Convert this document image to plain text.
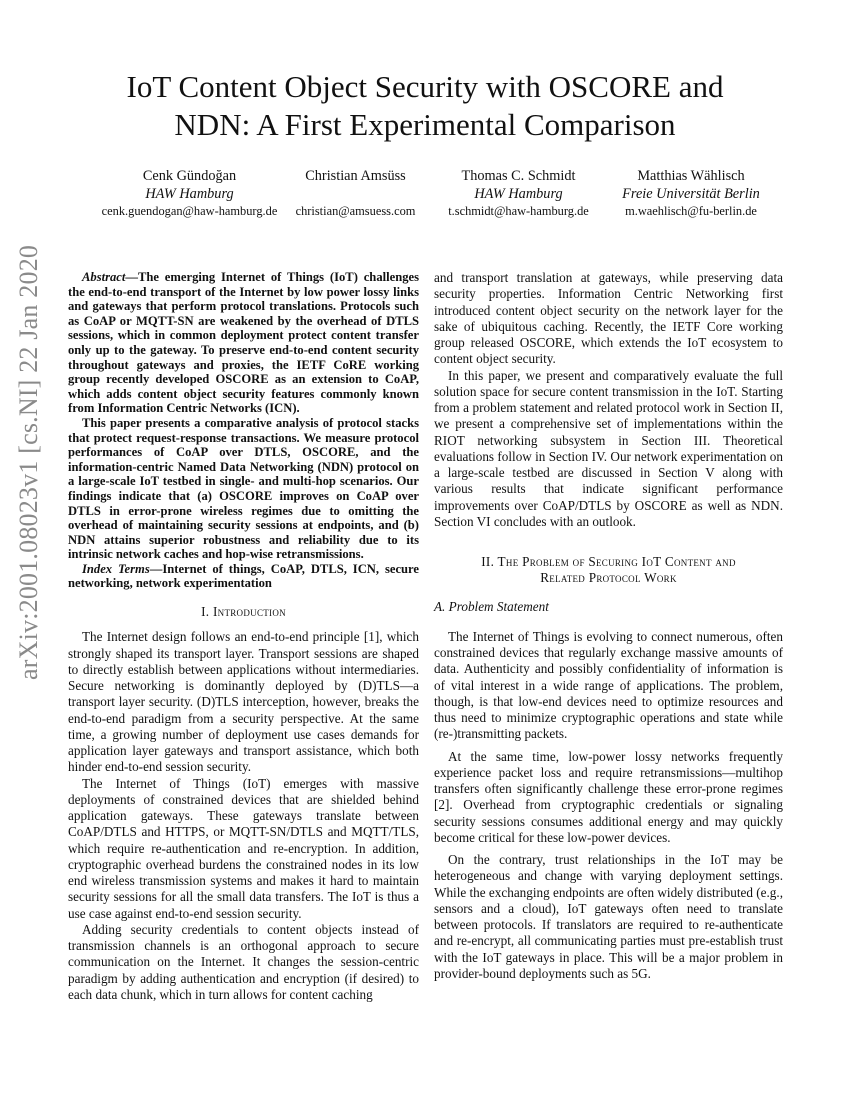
arXiv:2001.08023v1 [cs.NI] 22 Jan 2020
IoT Content Object Security with OSCORE and
NDN: A First Experimental Comparison
Cenk Gündoğan
HAW Hamburg
cenk.guendogan@haw-hamburg.de
Christian Amsüss

christian@amsuess.com
Thomas C. Schmidt
HAW Hamburg
t.schmidt@haw-hamburg.de
Matthias Wählisch
Freie Universität Berlin
m.waehlisch@fu-berlin.de

Abstract—The emerging Internet of Things (IoT) challenges the end-to-end transport of the Internet by low power lossy links and gateways that perform protocol translations. Protocols such as CoAP or MQTT-SN are weakened by the overhead of DTLS sessions, which in common deployment protect content transfer only up to the gateway. To preserve end-to-end content security throughout gateways and proxies, the IETF CoRE working group recently developed OSCORE as an extension to CoAP, which adds content object security features commonly known from Information Centric Networks (ICN).

This paper presents a comparative analysis of protocol stacks that protect request-response transactions. We measure protocol performances of CoAP over DTLS, OSCORE, and the information-centric Named Data Networking (NDN) protocol on a large-scale IoT testbed in single- and multi-hop scenarios. Our findings indicate that (a) OSCORE improves on CoAP over DTLS in error-prone wireless regimes due to omitting the overhead of maintaining security sessions at endpoints, and (b) NDN attains superior robustness and reliability due to its intrinsic network caches and hop-wise retransmissions.

Index Terms—Internet of things, CoAP, DTLS, ICN, secure networking, network experimentation

I. Introduction

The Internet design follows an end-to-end principle [1], which strongly shaped its transport layer. Transport sessions are shaped to directly establish between applications without intermediaries. Secure networking is dominantly deployed by (D)TLS—a transport layer security. (D)TLS interception, however, breaks the end-to-end paradigm from a security perspective. At the same time, a growing number of deployment use cases demands for application layer gateways and transport assistance, which both hinder end-to-end session security.

The Internet of Things (IoT) emerges with massive deployments of constrained devices that are shielded behind application gateways. These gateways translate between CoAP/DTLS and HTTPS, or MQTT-SN/DTLS and MQTT/TLS, which require re-authentication and re-encryption. In addition, cryptographic overhead burdens the constrained nodes in its low end wireless transmission systems and makes it hard to maintain security sessions for all the small data transfers. The IoT is thus a use case against end-to-end session security.

Adding security credentials to content objects instead of transmission channels is an orthogonal approach to secure communication on the Internet. It changes the session-centric paradigm by adding authentication and encryption (if desired) to each data chunk, which in turn allows for content caching

and transport translation at gateways, while preserving data security properties. Information Centric Networking first introduced content object security on the network layer for the sake of ubiquitous caching. Recently, the IETF Core working group released OSCORE, which extends the IoT ecosystem to content object security.

In this paper, we present and comparatively evaluate the full solution space for secure content transmission in the IoT. Starting from a problem statement and related protocol work in Section II, we present a comprehensive set of implementations within the RIOT networking subsystem in Section III. Theoretical evaluations follow in Section IV. Our network experimentation on a large-scale testbed are discussed in Section V along with various results that indicate significant performance improvements over CoAP/DTLS by OSCORE as well as NDN. Section VI concludes with an outlook.

II. The Problem of Securing IoT Content and
Related Protocol Work
A. Problem Statement

The Internet of Things is evolving to connect numerous, often constrained devices that regularly exchange massive amounts of data. Authenticity and possibly confidentiality of information is of vital interest in a wide range of applications. The problem, though, is that low-end devices need to optimize resources and thus need to minimize cryptographic operations and state while (re-)transmitting packets.

At the same time, low-power lossy networks frequently experience packet loss and require retransmissions—multihop transfers often significantly challenge these error-prone regimes [2]. Overhead from cryptographic credentials or signaling security sessions consumes additional energy and may quickly become critical for these low-power devices.

On the contrary, trust relationships in the IoT may be heterogeneous and change with varying deployment settings. While the exchanging endpoints are often widely distributed (e.g., sensors and a cloud), IoT gateways often need to translate between protocols. If translators are required to re-authenticate and re-encrypt, all communicating parties must pre-establish trust with the IoT gateways in place. This will be a major problem in provider-bound deployments such as 5G.
